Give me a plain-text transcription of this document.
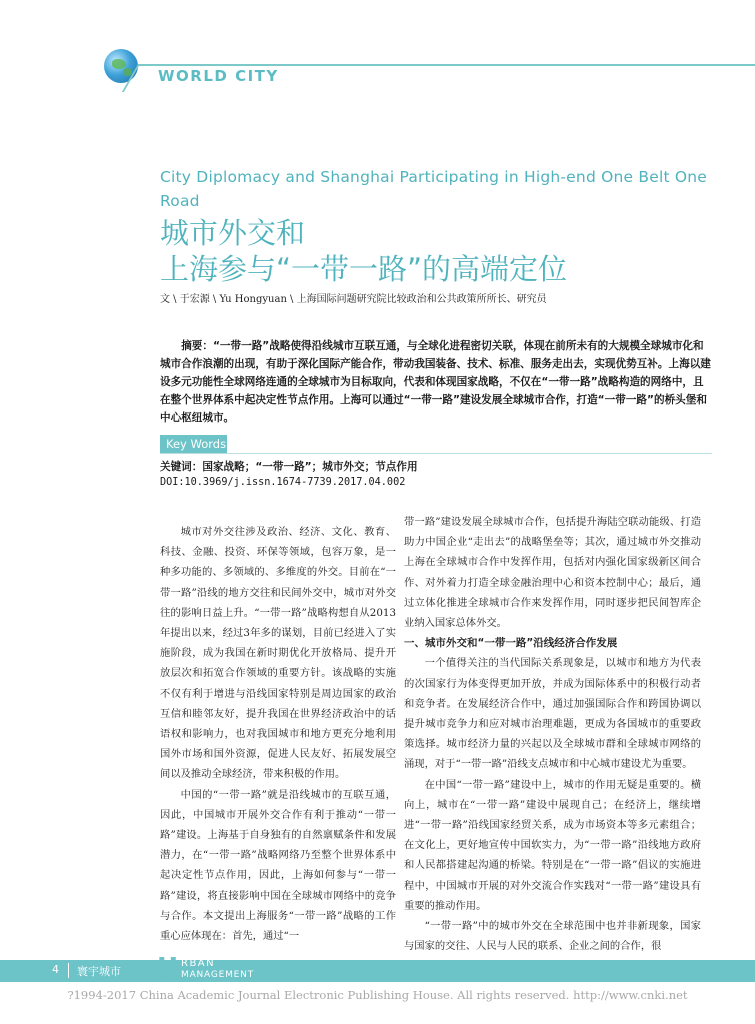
WORLD CITY
City Diplomacy and Shanghai Participating in High-end One Belt One Road
城市外交和
上海参与“一带一路”的高端定位
文 \ 于宏源 \ Yu Hongyuan \ 上海国际问题研究院比较政治和公共政策所所长、研究员
摘要：“一带一路”战略使得沿线城市互联互通，与全球化进程密切关联，体现在前所未有的大规模全球城市化和城市合作浪潮的出现，有助于深化国际产能合作，带动我国装备、技术、标准、服务走出去，实现优势互补。上海以建设多元功能性全球网络连通的全球城市为目标取向，代表和体现国家战略，不仅在“一带一路”战略构造的网络中，且在整个世界体系中起决定性节点作用。上海可以通过“一带一路”建设发展全球城市合作，打造“一带一路”的桥头堡和中心枢纽城市。
Key Words
关键词：国家战略；“一带一路”；城市外交；节点作用
DOI:10.3969/j.issn.1674-7739.2017.04.002

城市对外交往涉及政治、经济、文化、教育、科技、金融、投资、环保等领域，包容万象，是一种多功能的、多领域的、多维度的外交。目前在“一带一路”沿线的地方交往和民间外交中，城市对外交往的影响日益上升。“一带一路”战略构想自从2013年提出以来，经过3年多的谋划，目前已经进入了实施阶段，成为我国在新时期优化开放格局、提升开放层次和拓宽合作领域的重要方针。该战略的实施不仅有利于增进与沿线国家特别是周边国家的政治互信和睦邻友好，提升我国在世界经济政治中的话语权和影响力，也对我国城市和地方更充分地利用国外市场和国外资源，促进人民友好、拓展发展空间以及推动全球经济，带来积极的作用。

中国的“一带一路”就是沿线城市的互联互通，因此，中国城市开展外交合作有利于推动“一带一路”建设。上海基于自身独有的自然禀赋条件和发展潜力，在“一带一路”战略网络乃至整个世界体系中起决定性节点作用，因此，上海如何参与“一带一路”建设，将直接影响中国在全球城市网络中的竞争与合作。本文提出上海服务“一带一路”战略的工作重心应体现在：首先，通过“一

带一路”建设发展全球城市合作，包括提升海陆空联动能级、打造助力中国企业“走出去”的战略堡垒等；其次，通过城市外交推动上海在全球城市合作中发挥作用，包括对内强化国家级新区间合作、对外着力打造全球金融治理中心和资本控制中心；最后，通过立体化推进全球城市合作来发挥作用，同时逐步把民间智库企业纳入国家总体外交。

一、城市外交和“一带一路”沿线经济合作发展

一个值得关注的当代国际关系现象是，以城市和地方为代表的次国家行为体变得更加开放，并成为国际体系中的积极行动者和竞争者。在发展经济合作中，通过加强国际合作和跨国协调以提升城市竞争力和应对城市治理难题，更成为各国城市的重要政策选择。城市经济力量的兴起以及全球城市群和全球城市网络的涌现，对于“一带一路”沿线支点城市和中心城市建设尤为重要。

在中国“一带一路”建设中上，城市的作用无疑是重要的。横向上，城市在“一带一路”建设中展现自己；在经济上，继续增进“一带一路”沿线国家经贸关系，成为市场资本等多元素组合；在文化上，更好地宣传中国软实力，为“一带一路”沿线地方政府和人民都搭建起沟通的桥梁。特别是在“一带一路”倡议的实施进程中，中国城市开展的对外交流合作实践对“一带一路”建设具有重要的推动作用。

“一带一路”中的城市外交在全球范围中也并非新现象，国家与国家的交往、人民与人民的联系、企业之间的合作，很

4 寰宇城市 U RBAN
MANAGEMENT
?1994-2017 China Academic Journal Electronic Publishing House. All rights reserved. http://www.cnki.net
